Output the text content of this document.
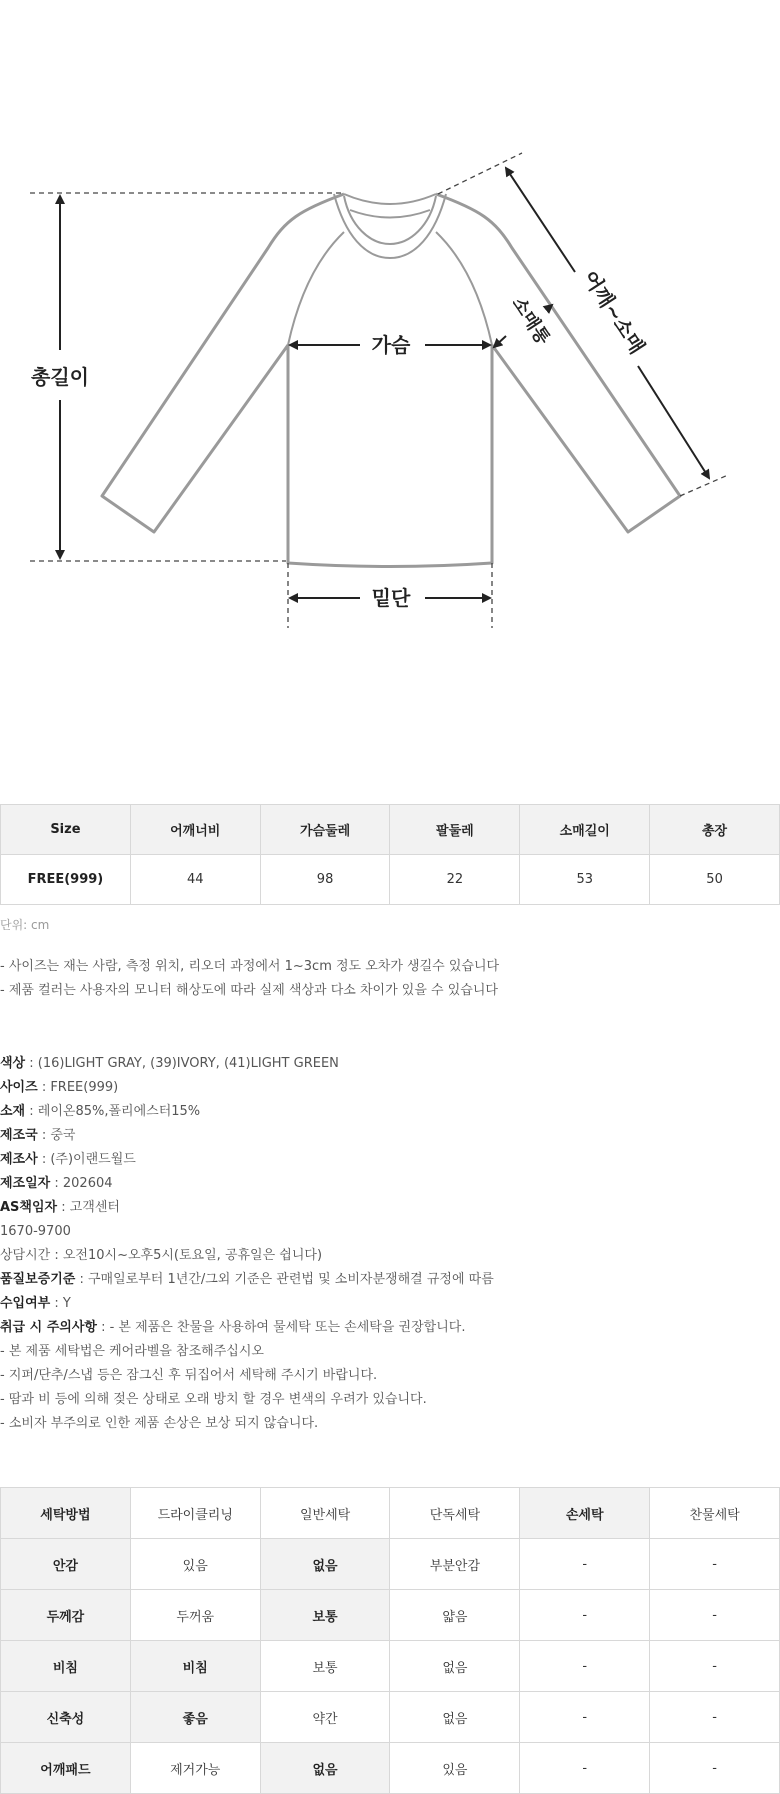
총길이
가슴
밑단
어깨~소매
소매통
Size	어깨너비	가슴둘레	팔둘레	소매길이	총장
FREE(999)	44	98	22	53	50
단위: cm
- 사이즈는 재는 사람, 측정 위치, 리오더 과정에서 1~3cm 정도 오차가 생길수 있습니다
- 제품 컬러는 사용자의 모니터 해상도에 따라 실제 색상과 다소 차이가 있을 수 있습니다
색상 : (16)LIGHT GRAY, (39)IVORY, (41)LIGHT GREEN
사이즈 : FREE(999)
소재 : 레이온85%,폴리에스터15%
제조국 : 중국
제조사 : (주)이랜드월드
제조일자 : 202604
AS책임자 : 고객센터
1670-9700
상담시간 : 오전10시~오후5시(토요일, 공휴일은 쉽니다)
품질보증기준 : 구매일로부터 1년간/그외 기준은 관련법 및 소비자분쟁해결 규정에 따름
수입여부 : Y
취급 시 주의사항 : - 본 제품은 찬물을 사용하여 물세탁 또는 손세탁을 권장합니다.
- 본 제품 세탁법은 케어라벨을 참조해주십시오
- 지퍼/단추/스냅 등은 잠그신 후 뒤집어서 세탁해 주시기 바랍니다.
- 땀과 비 등에 의해 젖은 상태로 오래 방치 할 경우 변색의 우려가 있습니다.
- 소비자 부주의로 인한 제품 손상은 보상 되지 않습니다.
세탁방법	드라이클리닝	일반세탁	단독세탁	손세탁	찬물세탁
안감	있음	없음	부분안감	-	-
두께감	두꺼움	보통	얇음	-	-
비침	비침	보통	없음	-	-
신축성	좋음	약간	없음	-	-
어깨패드	제거가능	없음	있음	-	-
